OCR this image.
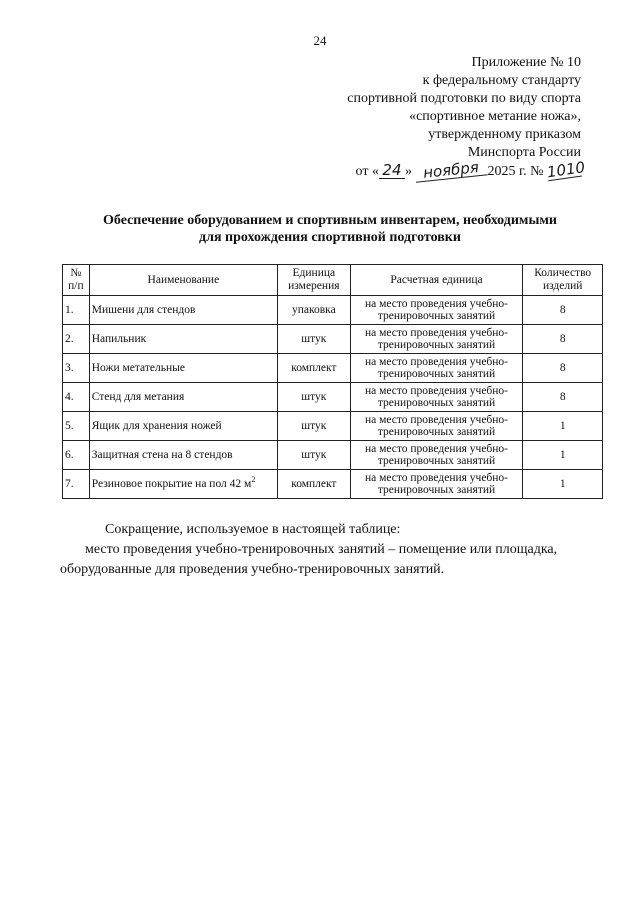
24
Приложение № 10
к федеральному стандарту
спортивной подготовки по виду спорта
«спортивное метание ножа»,
утвержденному приказом
Минспорта России
от « 24 » ноября 2025 г. № 1010
Обеспечение оборудованием и спортивным инвентарем, необходимыми
для прохождения спортивной подготовки
№ п/п	Наименование	Единица измерения	Расчетная единица	Количество изделий
1.	Мишени для стендов	упаковка	на место проведения учебно-тренировочных занятий	8
2.	Напильник	штук	на место проведения учебно-тренировочных занятий	8
3.	Ножи метательные	комплект	на место проведения учебно-тренировочных занятий	8
4.	Стенд для метания	штук	на место проведения учебно-тренировочных занятий	8
5.	Ящик для хранения ножей	штук	на место проведения учебно-тренировочных занятий	1
6.	Защитная стена на 8 стендов	штук	на место проведения учебно-тренировочных занятий	1
7.	Резиновое покрытие на пол 42 $м^2$	комплект	на место проведения учебно-тренировочных занятий	1
Сокращение, используемое в настоящей таблице:
место проведения учебно-тренировочных занятий – помещение или площадка, оборудованные для проведения учебно-тренировочных занятий.
